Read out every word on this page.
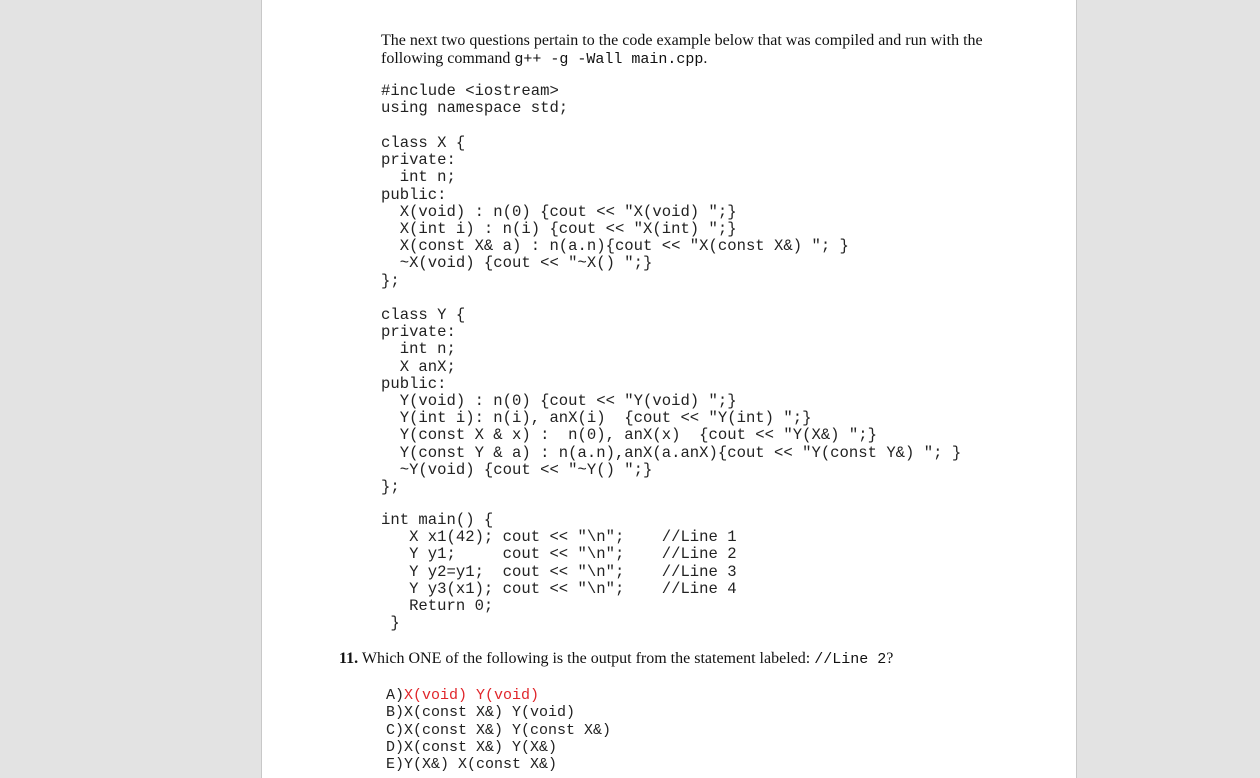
The next two questions pertain to the code example below that was compiled and run with the following command g++ -g -Wall main.cpp.
#include <iostream>
using namespace std;
class X {
private:
int n;
public:
X(void) : n(0) {cout << "X(void) ";}
X(int i) : n(i) {cout << "X(int) ";}
X(const X& a) : n(a.n){cout << "X(const X&) "; }
~X(void) {cout << "~X() ";}
};
class Y {
private:
int n;
X anX;
public:
Y(void) : n(0) {cout << "Y(void) ";}
Y(int i): n(i), anX(i)  {cout << "Y(int) ";}
Y(const X & x) :  n(0), anX(x)  {cout << "Y(X&) ";}
Y(const Y & a) : n(a.n),anX(a.anX){cout << "Y(const Y&) "; }
~Y(void) {cout << "~Y() ";}
};
int main() {
X x1(42); cout << "\n";    //Line 1
Y y1;     cout << "\n";    //Line 2
Y y2=y1;  cout << "\n";    //Line 3
Y y3(x1); cout << "\n";    //Line 4
Return 0;
}
11. Which ONE of the following is the output from the statement labeled: //Line 2?
A)X(void) Y(void)
B)X(const X&) Y(void)
C)X(const X&) Y(const X&)
D)X(const X&) Y(X&)
E)Y(X&) X(const X&)
